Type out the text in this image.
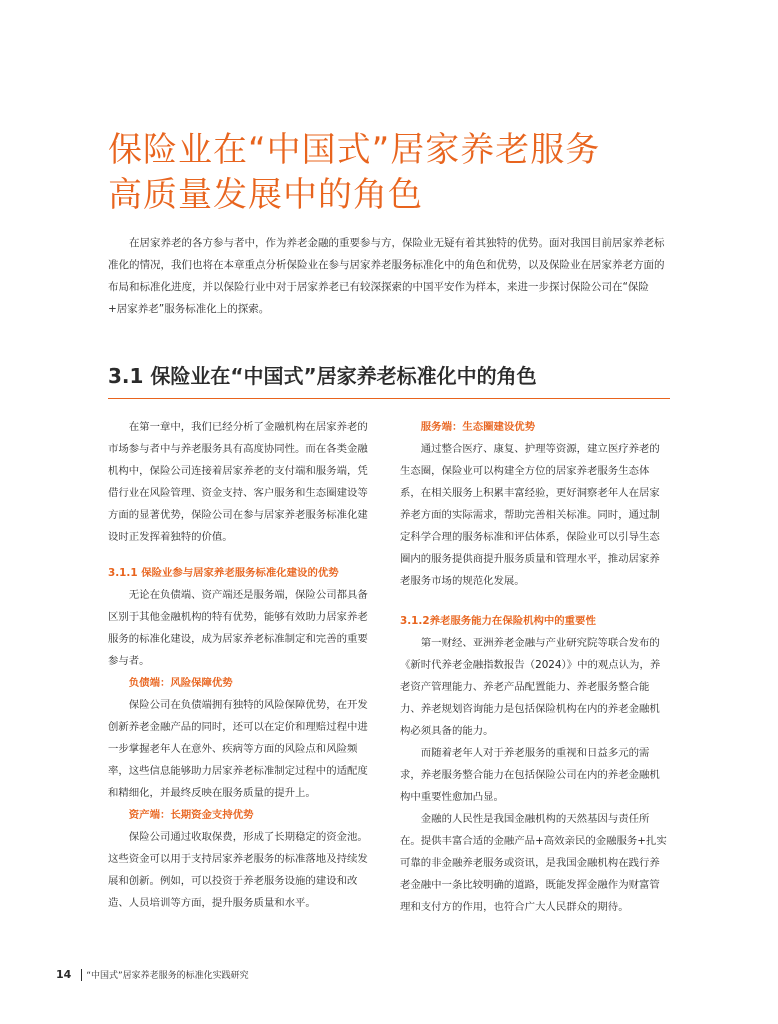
保险业在“中国式”居家养老服务
高质量发展中的角色

在居家养老的各方参与者中，作为养老金融的重要参与方，保险业无疑有着其独特的优势。面对我国目前居家养老标准化的情况，我们也将在本章重点分析保险业在参与居家养老服务标准化中的角色和优势，以及保险业在居家养老方面的布局和标准化进度，并以保险行业中对于居家养老已有较深探索的中国平安作为样本，来进一步探讨保险公司在“保险+居家养老”服务标准化上的探索。

3.1 保险业在“中国式”居家养老标准化中的角色

在第一章中，我们已经分析了金融机构在居家养老的市场参与者中与养老服务具有高度协同性。而在各类金融机构中，保险公司连接着居家养老的支付端和服务端，凭借行业在风险管理、资金支持、客户服务和生态圈建设等方面的显著优势，保险公司在参与居家养老服务标准化建设时正发挥着独特的价值。

3.1.1 保险业参与居家养老服务标准化建设的优势

无论在负债端、资产端还是服务端，保险公司都具备区别于其他金融机构的特有优势，能够有效助力居家养老服务的标准化建设，成为居家养老标准制定和完善的重要参与者。

负债端：风险保障优势

保险公司在负债端拥有独特的风险保障优势，在开发创新养老金融产品的同时，还可以在定价和理赔过程中进一步掌握老年人在意外、疾病等方面的风险点和风险频率，这些信息能够助力居家养老标准制定过程中的适配度和精细化，并最终反映在服务质量的提升上。

资产端：长期资金支持优势

保险公司通过收取保费，形成了长期稳定的资金池。这些资金可以用于支持居家养老服务的标准落地及持续发展和创新。例如，可以投资于养老服务设施的建设和改造、人员培训等方面，提升服务质量和水平。

服务端：生态圈建设优势

通过整合医疗、康复、护理等资源，建立医疗养老的生态圈，保险业可以构建全方位的居家养老服务生态体系，在相关服务上积累丰富经验，更好洞察老年人在居家养老方面的实际需求，帮助完善相关标准。同时，通过制定科学合理的服务标准和评估体系，保险业可以引导生态圈内的服务提供商提升服务质量和管理水平，推动居家养老服务市场的规范化发展。

3.1.2养老服务能力在保险机构中的重要性

第一财经、亚洲养老金融与产业研究院等联合发布的《新时代养老金融指数报告（2024）》中的观点认为，养老资产管理能力、养老产品配置能力、养老服务整合能力、养老规划咨询能力是包括保险机构在内的养老金融机构必须具备的能力。

而随着老年人对于养老服务的重视和日益多元的需求，养老服务整合能力在包括保险公司在内的养老金融机构中重要性愈加凸显。

金融的人民性是我国金融机构的天然基因与责任所在。提供丰富合适的金融产品+高效亲民的金融服务+扎实可靠的非金融养老服务或资讯，是我国金融机构在践行养老金融中一条比较明确的道路，既能发挥金融作为财富管理和支付方的作用，也符合广大人民群众的期待。

14 “中国式”居家养老服务的标准化实践研究
